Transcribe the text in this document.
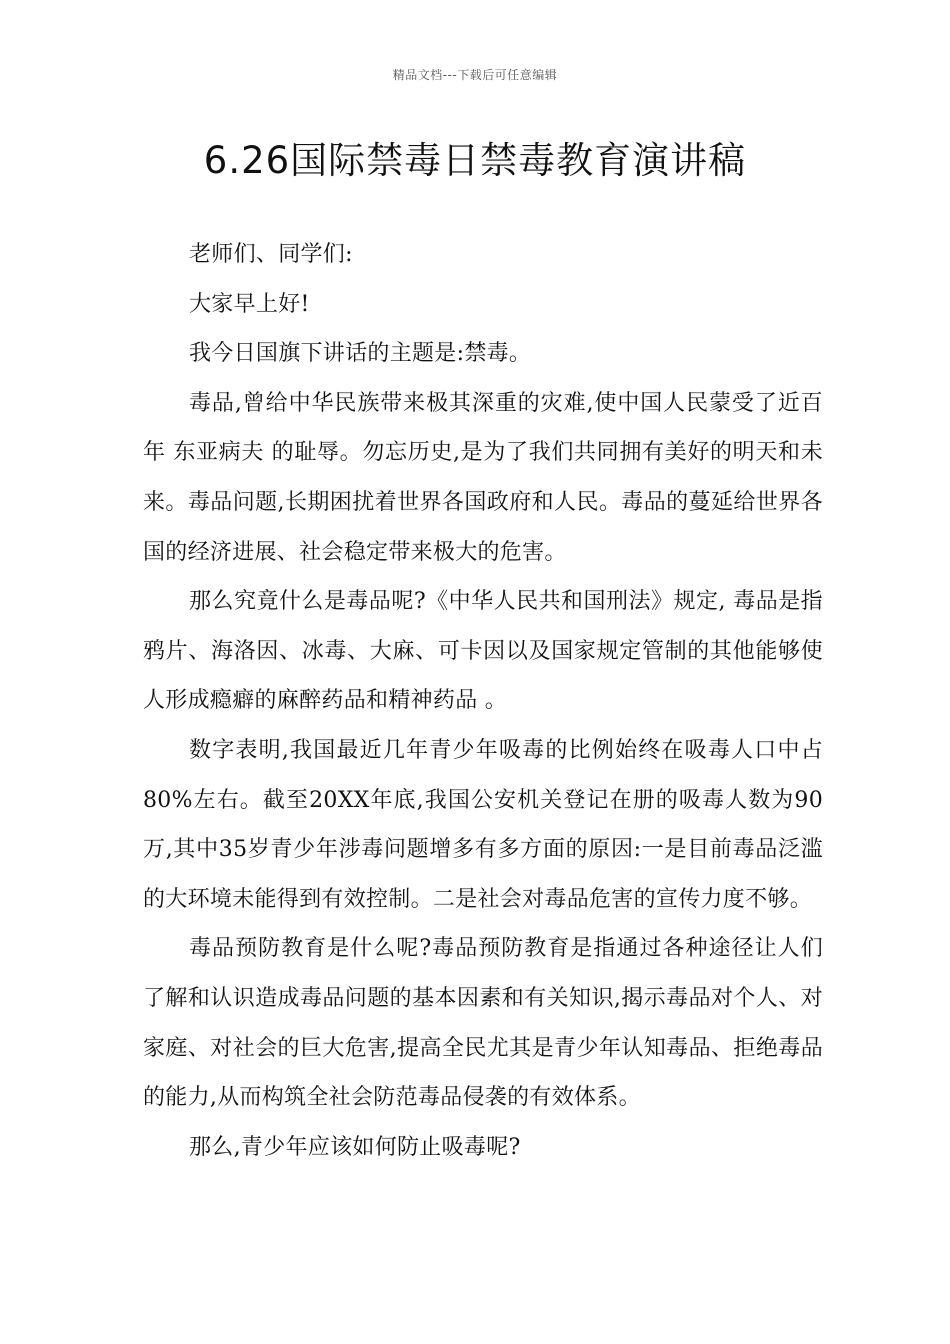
精品文档---下载后可任意编辑
6.26国际禁毒日禁毒教育演讲稿

老师们、同学们:

大家早上好!

我今日国旗下讲话的主题是:禁毒。

毒品,曾给中华民族带来极其深重的灾难,使中国人民蒙受了近百年 东亚病夫 的耻辱。勿忘历史,是为了我们共同拥有美好的明天和未来。毒品问题,长期困扰着世界各国政府和人民。毒品的蔓延给世界各国的经济进展、社会稳定带来极大的危害。

那么究竟什么是毒品呢?《中华人民共和国刑法》规定, 毒品是指鸦片、海洛因、冰毒、大麻、可卡因以及国家规定管制的其他能够使人形成瘾癖的麻醉药品和精神药品 。

数字表明,我国最近几年青少年吸毒的比例始终在吸毒人口中占80%左右。截至20XX年底,我国公安机关登记在册的吸毒人数为90万,其中35岁青少年涉毒问题增多有多方面的原因:一是目前毒品泛滥的大环境未能得到有效控制。二是社会对毒品危害的宣传力度不够。

毒品预防教育是什么呢?毒品预防教育是指通过各种途径让人们了解和认识造成毒品问题的基本因素和有关知识,揭示毒品对个人、对家庭、对社会的巨大危害,提高全民尤其是青少年认知毒品、拒绝毒品的能力,从而构筑全社会防范毒品侵袭的有效体系。

那么,青少年应该如何防止吸毒呢?
